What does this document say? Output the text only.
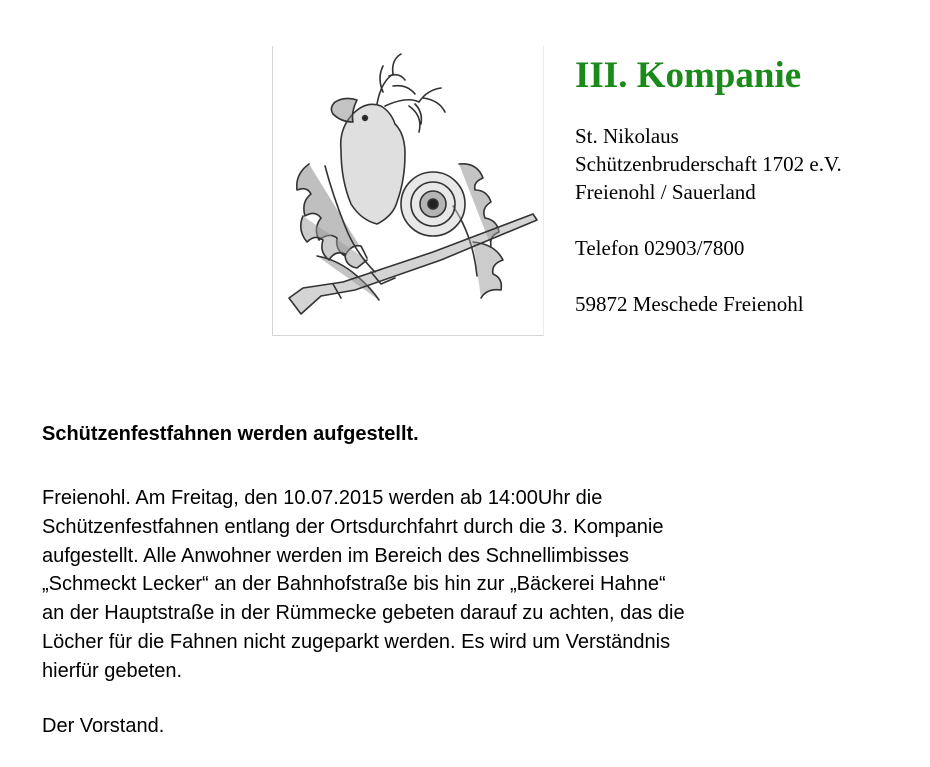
III. Kompanie
St. Nikolaus
Schützenbruderschaft 1702 e.V.
Freienohl / Sauerland
Telefon 02903/7800
59872 Meschede Freienohl
Schützenfestfahnen werden aufgestellt.
Freienohl. Am Freitag, den 10.07.2015 werden ab 14:00Uhr die
Schützenfestfahnen entlang der Ortsdurchfahrt durch die 3. Kompanie
aufgestellt. Alle Anwohner werden im Bereich des Schnellimbisses
„Schmeckt Lecker“ an der Bahnhofstraße bis hin zur „Bäckerei Hahne“
an der Hauptstraße in der Rümmecke gebeten darauf zu achten, das die
Löcher für die Fahnen nicht zugeparkt werden. Es wird um Verständnis
hierfür gebeten.
Der Vorstand.
